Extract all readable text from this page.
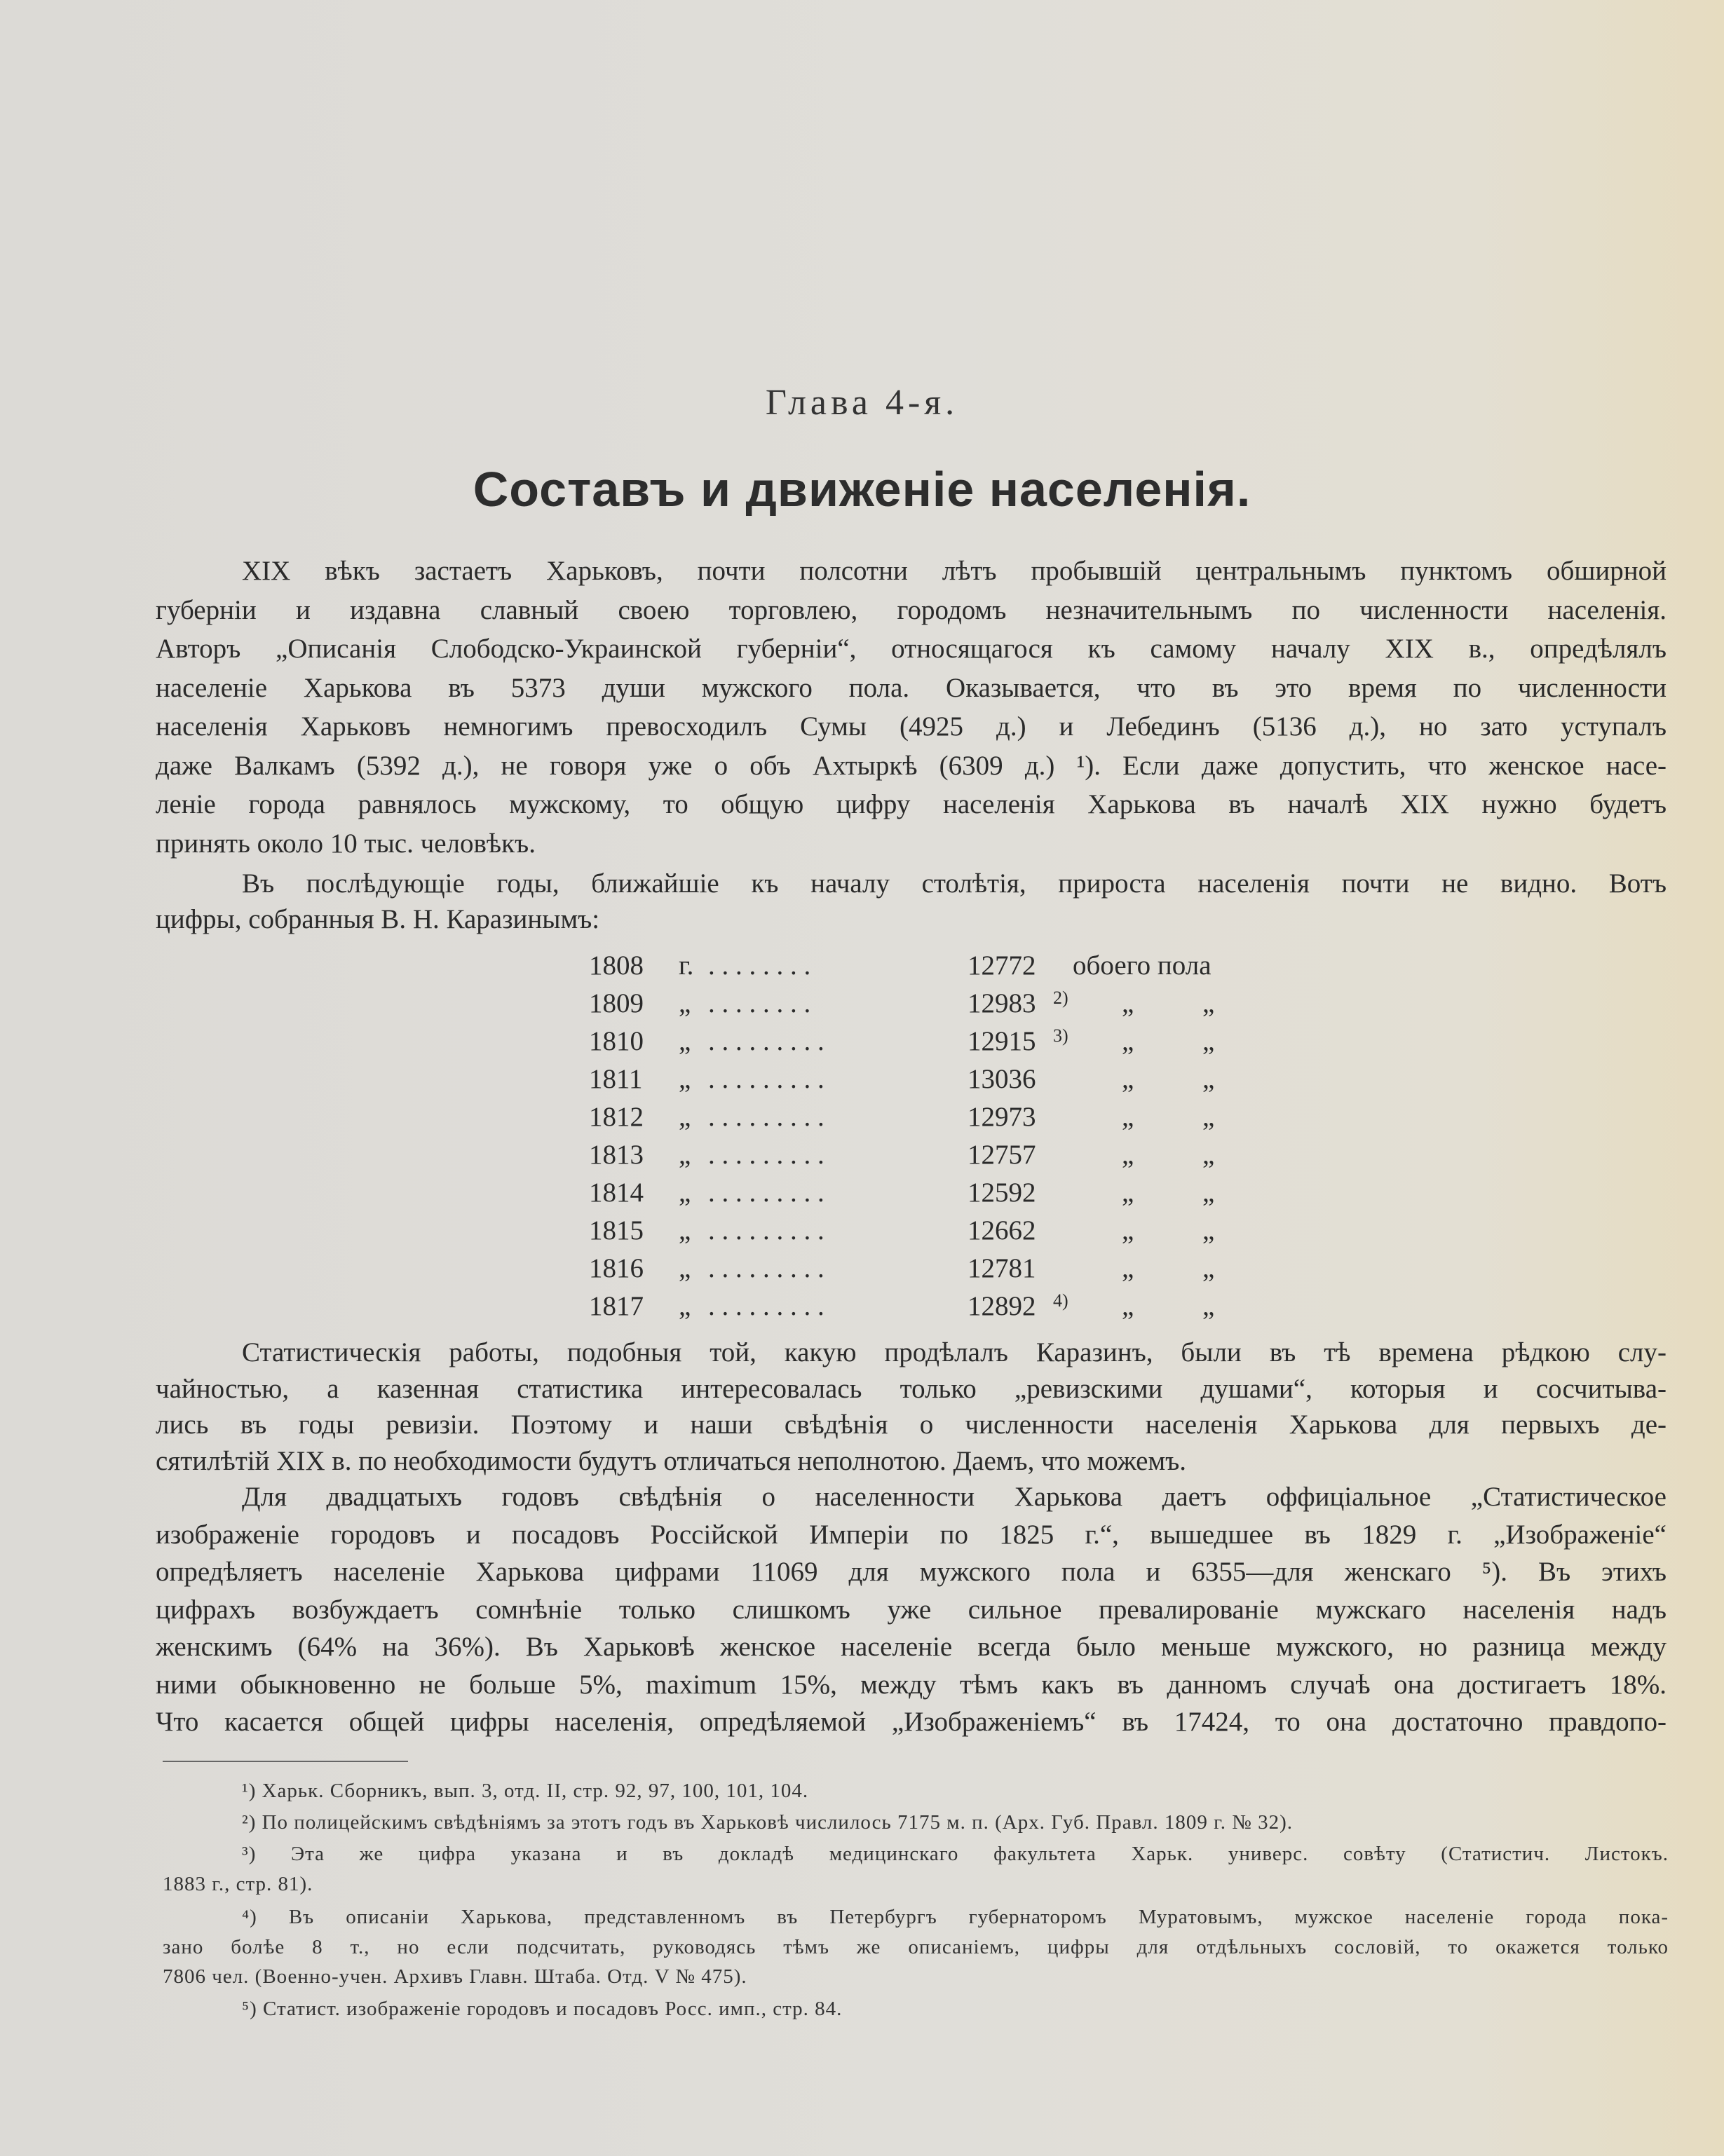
Глава 4-я.
Составъ и движеніе населенія.
XIX вѣкъ застаетъ Харьковъ, почти полсотни лѣтъ пробывшій центральнымъ пунктомъ обширной
губерніи и издавна славный своею торговлею, городомъ незначительнымъ по численности населенія.
Авторъ „Описанія Слободско-Украинской губерніи“, относящагося къ самому началу XIX в., опредѣлялъ
населеніе Харькова въ 5373 души мужского пола. Оказывается, что въ это время по численности
населенія Харьковъ немногимъ превосходилъ Сумы (4925 д.) и Лебединъ (5136 д.), но зато уступалъ
даже Валкамъ (5392 д.), не говоря уже о объ Ахтыркѣ (6309 д.) ¹). Если даже допустить, что женское насе-
леніе города равнялось мужскому, то общую цифру населенія Харькова въ началѣ XIX нужно будетъ
принять около 10 тыс. человѣкъ.
Въ послѣдующіе годы, ближайшіе къ началу столѣтія, прироста населенія почти не видно. Вотъ
цифры, собранныя В. Н. Каразинымъ:
Статистическія работы, подобныя той, какую продѣлалъ Каразинъ, были въ тѣ времена рѣдкою слу-
чайностью, а казенная статистика интересовалась только „ревизскими душами“, которыя и сосчитыва-
лись въ годы ревизіи. Поэтому и наши свѣдѣнія о численности населенія Харькова для первыхъ де-
сятилѣтій XIX в. по необходимости будутъ отличаться неполнотою. Даемъ, что можемъ.
Для двадцатыхъ годовъ свѣдѣнія о населенности Харькова даетъ оффиціальное „Статистическое
изображеніе городовъ и посадовъ Россійской Имперіи по 1825 г.“, вышедшее въ 1829 г. „Изображеніе“
опредѣляетъ населеніе Харькова цифрами 11069 для мужского пола и 6355—для женскаго ⁵). Въ этихъ
цифрахъ возбуждаетъ сомнѣніе только слишкомъ уже сильное превалированіе мужскаго населенія надъ
женскимъ (64% на 36%). Въ Харьковѣ женское населеніе всегда было меньше мужского, но разница между
ними обыкновенно не больше 5%, maximum 15%, между тѣмъ какъ въ данномъ случаѣ она достигаетъ 18%.
Что касается общей цифры населенія, опредѣляемой „Изображеніемъ“ въ 17424, то она достаточно правдопо-
1808 г. . . . . . . . .	12772 обоего пола
1809 „ . . . . . . . .	12983 2) „	„
1810 „ . . . . . . . . .	12915 3) „	„
1811 „ . . . . . . . . .	13036	„	„
1812 „ . . . . . . . . .	12973	„	„
1813 „ . . . . . . . . .	12757	„	„
1814 „ . . . . . . . . .	12592	„	„
1815 „ . . . . . . . . .	12662	„	„
1816 „ . . . . . . . . .	12781	„	„
1817 „ . . . . . . . . .	12892 4) „	„
¹) Харьк. Сборникъ, вып. 3, отд. II, стр. 92, 97, 100, 101, 104.
²) По полицейскимъ свѣдѣніямъ за этотъ годъ въ Харьковѣ числилось 7175 м. п. (Арх. Губ. Правл. 1809 г. № 32).
³) Эта же цифра указана и въ докладѣ медицинскаго факультета Харьк. универс. совѣту (Статистич. Листокъ.
1883 г., стр. 81).
⁴) Въ описаніи Харькова, представленномъ въ Петербургъ губернаторомъ Муратовымъ, мужское населеніе города пока-
зано болѣе 8 т., но если подсчитать, руководясь тѣмъ же описаніемъ, цифры для отдѣльныхъ сословій, то окажется только
7806 чел. (Военно-учен. Архивъ Главн. Штаба. Отд. V № 475).
⁵) Статист. изображеніе городовъ и посадовъ Росс. имп., стр. 84.
